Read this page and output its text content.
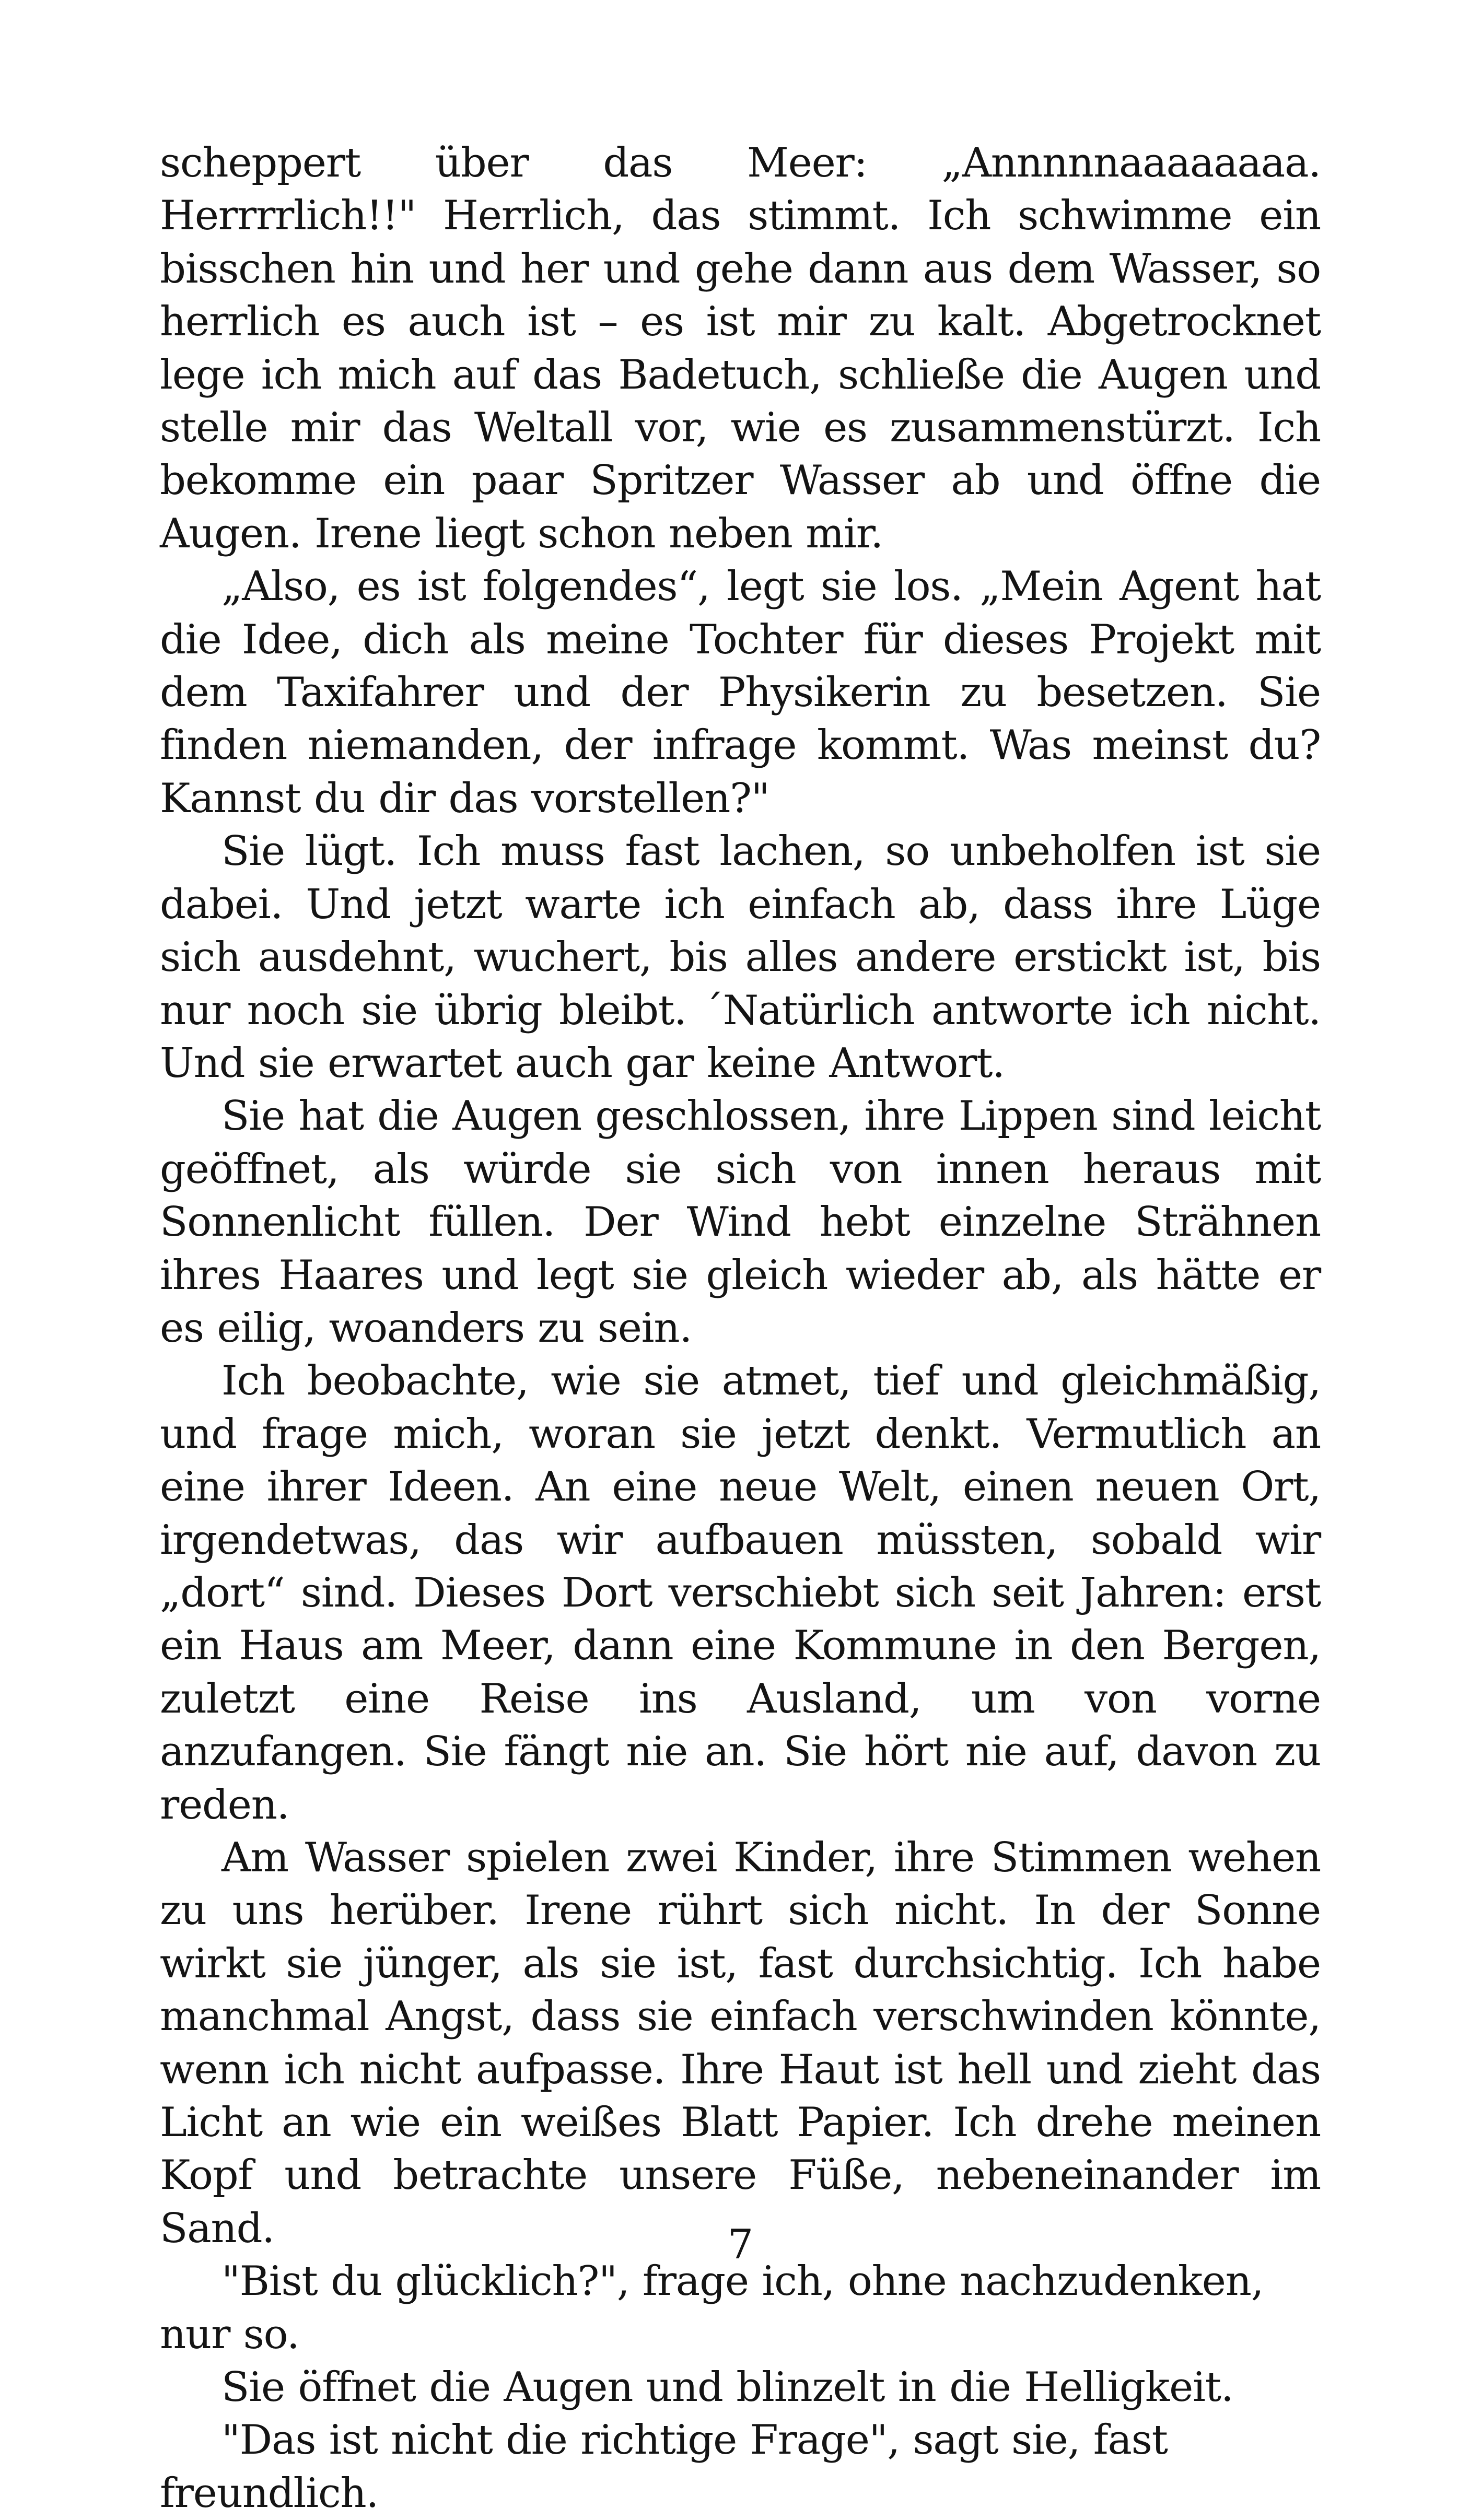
scheppert über das Meer: „Annnnnaaaaaaaa. Herrrrlich!!" Herrlich, das stimmt. Ich schwimme ein bisschen hin und her und gehe dann aus dem Wasser, so herrlich es auch ist – es ist mir zu kalt. Abgetrocknet lege ich mich auf das Badetuch, schließe die Augen und stelle mir das Weltall vor, wie es zusammenstürzt. Ich bekomme ein paar Spritzer Wasser ab und öffne die Augen. Irene liegt schon neben mir.

„Also, es ist folgendes“, legt sie los. „Mein Agent hat die Idee, dich als meine Tochter für dieses Projekt mit dem Taxifahrer und der Physikerin zu besetzen. Sie finden niemanden, der infrage kommt. Was meinst du? Kannst du dir das vorstellen?"

Sie lügt. Ich muss fast lachen, so unbeholfen ist sie dabei. Und jetzt warte ich einfach ab, dass ihre Lüge sich ausdehnt, wuchert, bis alles andere erstickt ist, bis nur noch sie übrig bleibt. ´Natürlich antworte ich nicht. Und sie erwartet auch gar keine Antwort.

Sie hat die Augen geschlossen, ihre Lippen sind leicht geöffnet, als würde sie sich von innen heraus mit Sonnenlicht füllen. Der Wind hebt einzelne Strähnen ihres Haares und legt sie gleich wieder ab, als hätte er es eilig, woanders zu sein.

Ich beobachte, wie sie atmet, tief und gleichmäßig, und frage mich, woran sie jetzt denkt. Vermutlich an eine ihrer Ideen. An eine neue Welt, einen neuen Ort, irgendetwas, das wir aufbauen müssten, sobald wir „dort“ sind. Dieses Dort verschiebt sich seit Jahren: erst ein Haus am Meer, dann eine Kommune in den Bergen, zuletzt eine Reise ins Ausland, um von vorne anzufangen. Sie fängt nie an. Sie hört nie auf, davon zu reden.

Am Wasser spielen zwei Kinder, ihre Stimmen wehen zu uns herüber. Irene rührt sich nicht. In der Sonne wirkt sie jünger, als sie ist, fast durchsichtig. Ich habe manchmal Angst, dass sie einfach verschwinden könnte, wenn ich nicht aufpasse. Ihre Haut ist hell und zieht das Licht an wie ein weißes Blatt Papier. Ich drehe meinen Kopf und betrachte unsere Füße, nebeneinander im Sand.

"Bist du glücklich?", frage ich, ohne nachzudenken, nur so.

Sie öffnet die Augen und blinzelt in die Helligkeit.

"Das ist nicht die richtige Frage", sagt sie, fast freundlich.

7
